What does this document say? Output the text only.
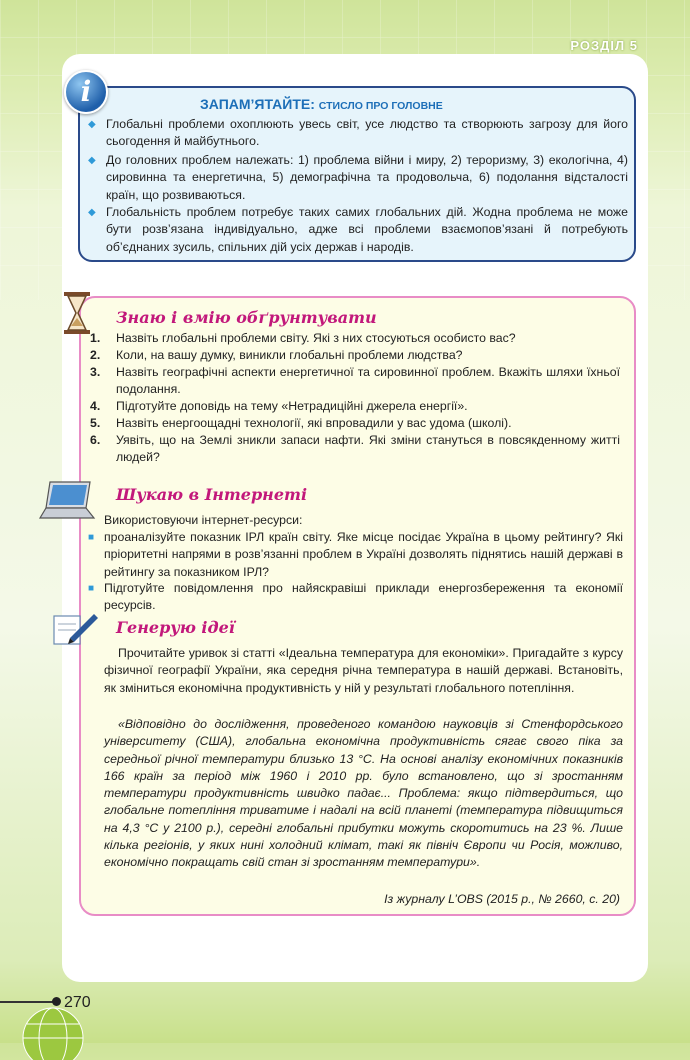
РОЗДІЛ 5
ЗАПАМ’ЯТАЙТЕ: СТИСЛО ПРО ГОЛОВНЕ
◆ Глобальні проблеми охоплюють увесь світ, усе людство та створюють загрозу для його сьогодення й майбутнього.
◆ До головних проблем належать: 1) проблема війни і миру, 2) тероризму, 3) екологічна, 4) сировинна та енергетична, 5) демографічна та продовольча, 6) подолання відсталості країн, що розвиваються.
◆ Глобальність проблем потребує таких самих глобальних дій. Жодна проблема не може бути розв’язана індивідуально, адже всі проблеми взаємопов’язані й потребують об’єднаних зусиль, спільних дій усіх держав і народів.
i
Знаю і вмію обґрунтувати
1.	Назвіть глобальні проблеми світу. Які з них стосуються особисто вас?
2.	Коли, на вашу думку, виникли глобальні проблеми людства?
3.	Назвіть географічні аспекти енергетичної та сировинної проблем. Вкажіть шляхи їхньої подолання.
4.	Підготуйте доповідь на тему «Нетрадиційні джерела енергії».
5.	Назвіть енергоощадні технології, які впровадили у вас удома (школі).
6.	Уявіть, що на Землі зникли запаси нафти. Які зміни стануться в повсякденному житті людей?
Шукаю в Інтернеті
Використовуючи інтернет-ресурси:
■ проаналізуйте показник ІРЛ країн світу. Яке місце посідає Україна в цьому рейтингу? Які пріоритетні напрями в розв’язанні проблем в Україні дозволять піднятись нашій державі в рейтингу за показником ІРЛ?
■ Підготуйте повідомлення про найяскравіші приклади енергозбереження та економії ресурсів.
Генерую ідеї
Прочитайте уривок зі статті «Ідеальна температура для економіки». Пригадайте з курсу фізичної географії України, яка середня річна температура в нашій державі. Встановіть, як зміниться економічна продуктивність у ній у результаті глобального потепління.
«Відповідно до дослідження, проведеного командою науковців зі Стенфордського університету (США), глобальна економічна продуктивність сягає свого піка за середньої річної температури близько 13 °С. На основі аналізу економічних показників 166 країн за період між 1960 і 2010 рр. було встановлено, що зі зростанням температури продуктивність швидко падає... Проблема: якщо підтвердиться, що глобальне потепління триватиме і надалі на всій планеті (температура підвищиться на 4,3 °С у 2100 р.), середні глобальні прибутки можуть скоротитись на 23 %. Лише кілька регіонів, у яких нині холодний клімат, такі як північ Європи чи Росія, можливо, економічно покращать свій стан зі зростанням температури».
Із журналу L’OBS (2015 р., № 2660, с. 20)
270
